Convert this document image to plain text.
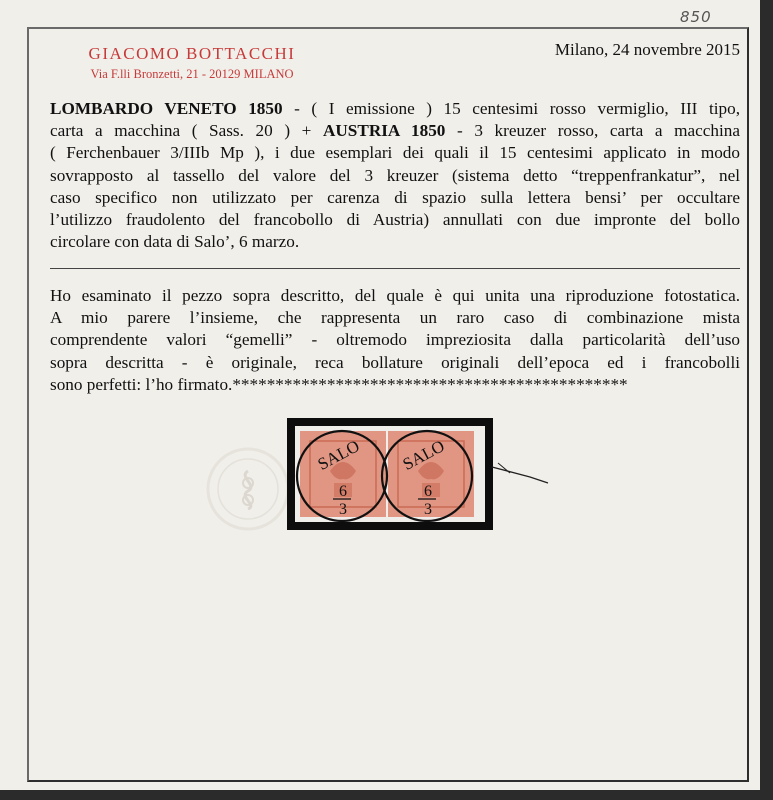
850
GIACOMO BOTTACCHI
Via F.lli Bronzetti, 21 - 20129 MILANO
Milano, 24 novembre 2015
LOMBARDO VENETO 1850 - ( I emissione ) 15 centesimi rosso vermiglio, III tipo,
carta a macchina ( Sass. 20 ) + AUSTRIA 1850 - 3 kreuzer rosso, carta a macchina
( Ferchenbauer 3/IIIb Mp ), i due esemplari dei quali il 15 centesimi applicato in modo
sovrapposto al tassello del valore del 3 kreuzer (sistema detto “treppenfrankatur”, nel
caso specifico non utilizzato per carenza di spazio sulla lettera bensi’ per occultare
l’utilizzo fraudolento del francobollo di Austria) annullati con due impronte del bollo
circolare con data di Salo’, 6 marzo.
Ho esaminato il pezzo sopra descritto, del quale è qui unita una riproduzione fotostatica.
A mio parere l’insieme, che rappresenta un raro caso di combinazione mista
comprendente valori “gemelli” - oltremodo impreziosita dalla particolarità dell’uso
sopra descritta - è originale, reca bollature originali dell’epoca ed i francobolli
sono perfetti: l’ho firmato.**********************************************
SALO SALO
6
3
6
3
